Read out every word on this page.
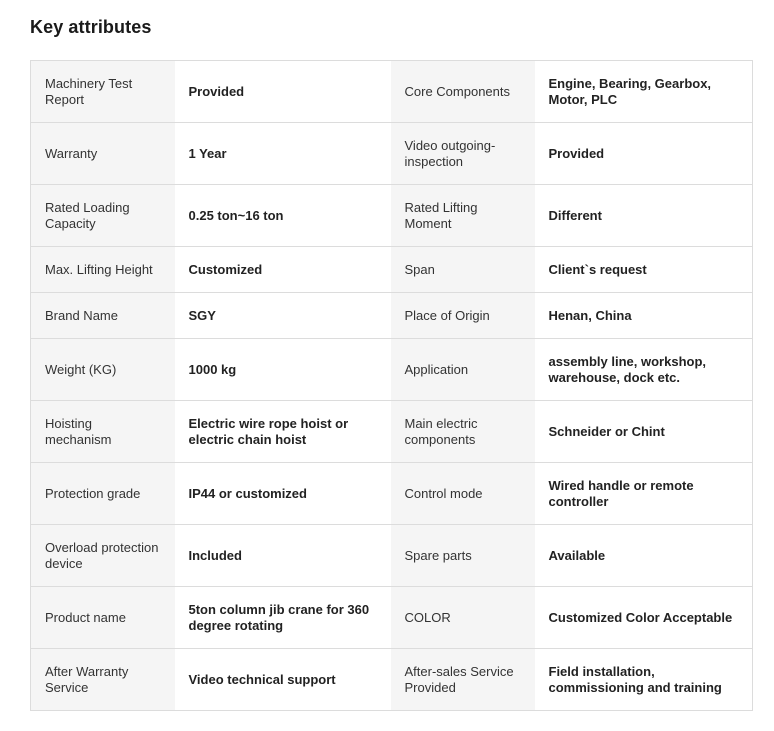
Key attributes
Machinery Test Report	Provided	Core Components	Engine, Bearing, Gearbox, Motor, PLC
Warranty	1 Year	Video outgoing-inspection	Provided
Rated Loading Capacity	0.25 ton~16 ton	Rated Lifting Moment	Different
Max. Lifting Height	Customized	Span	Client`s request
Brand Name	SGY	Place of Origin	Henan, China
Weight (KG)	1000 kg	Application	assembly line, workshop, warehouse, dock etc.
Hoisting mechanism	Electric wire rope hoist or electric chain hoist	Main electric components	Schneider or Chint
Protection grade	IP44 or customized	Control mode	Wired handle or remote controller
Overload protection device	Included	Spare parts	Available
Product name	5ton column jib crane for 360 degree rotating	COLOR	Customized Color Acceptable
After Warranty Service	Video technical support	After-sales Service Provided	Field installation, commissioning and training
